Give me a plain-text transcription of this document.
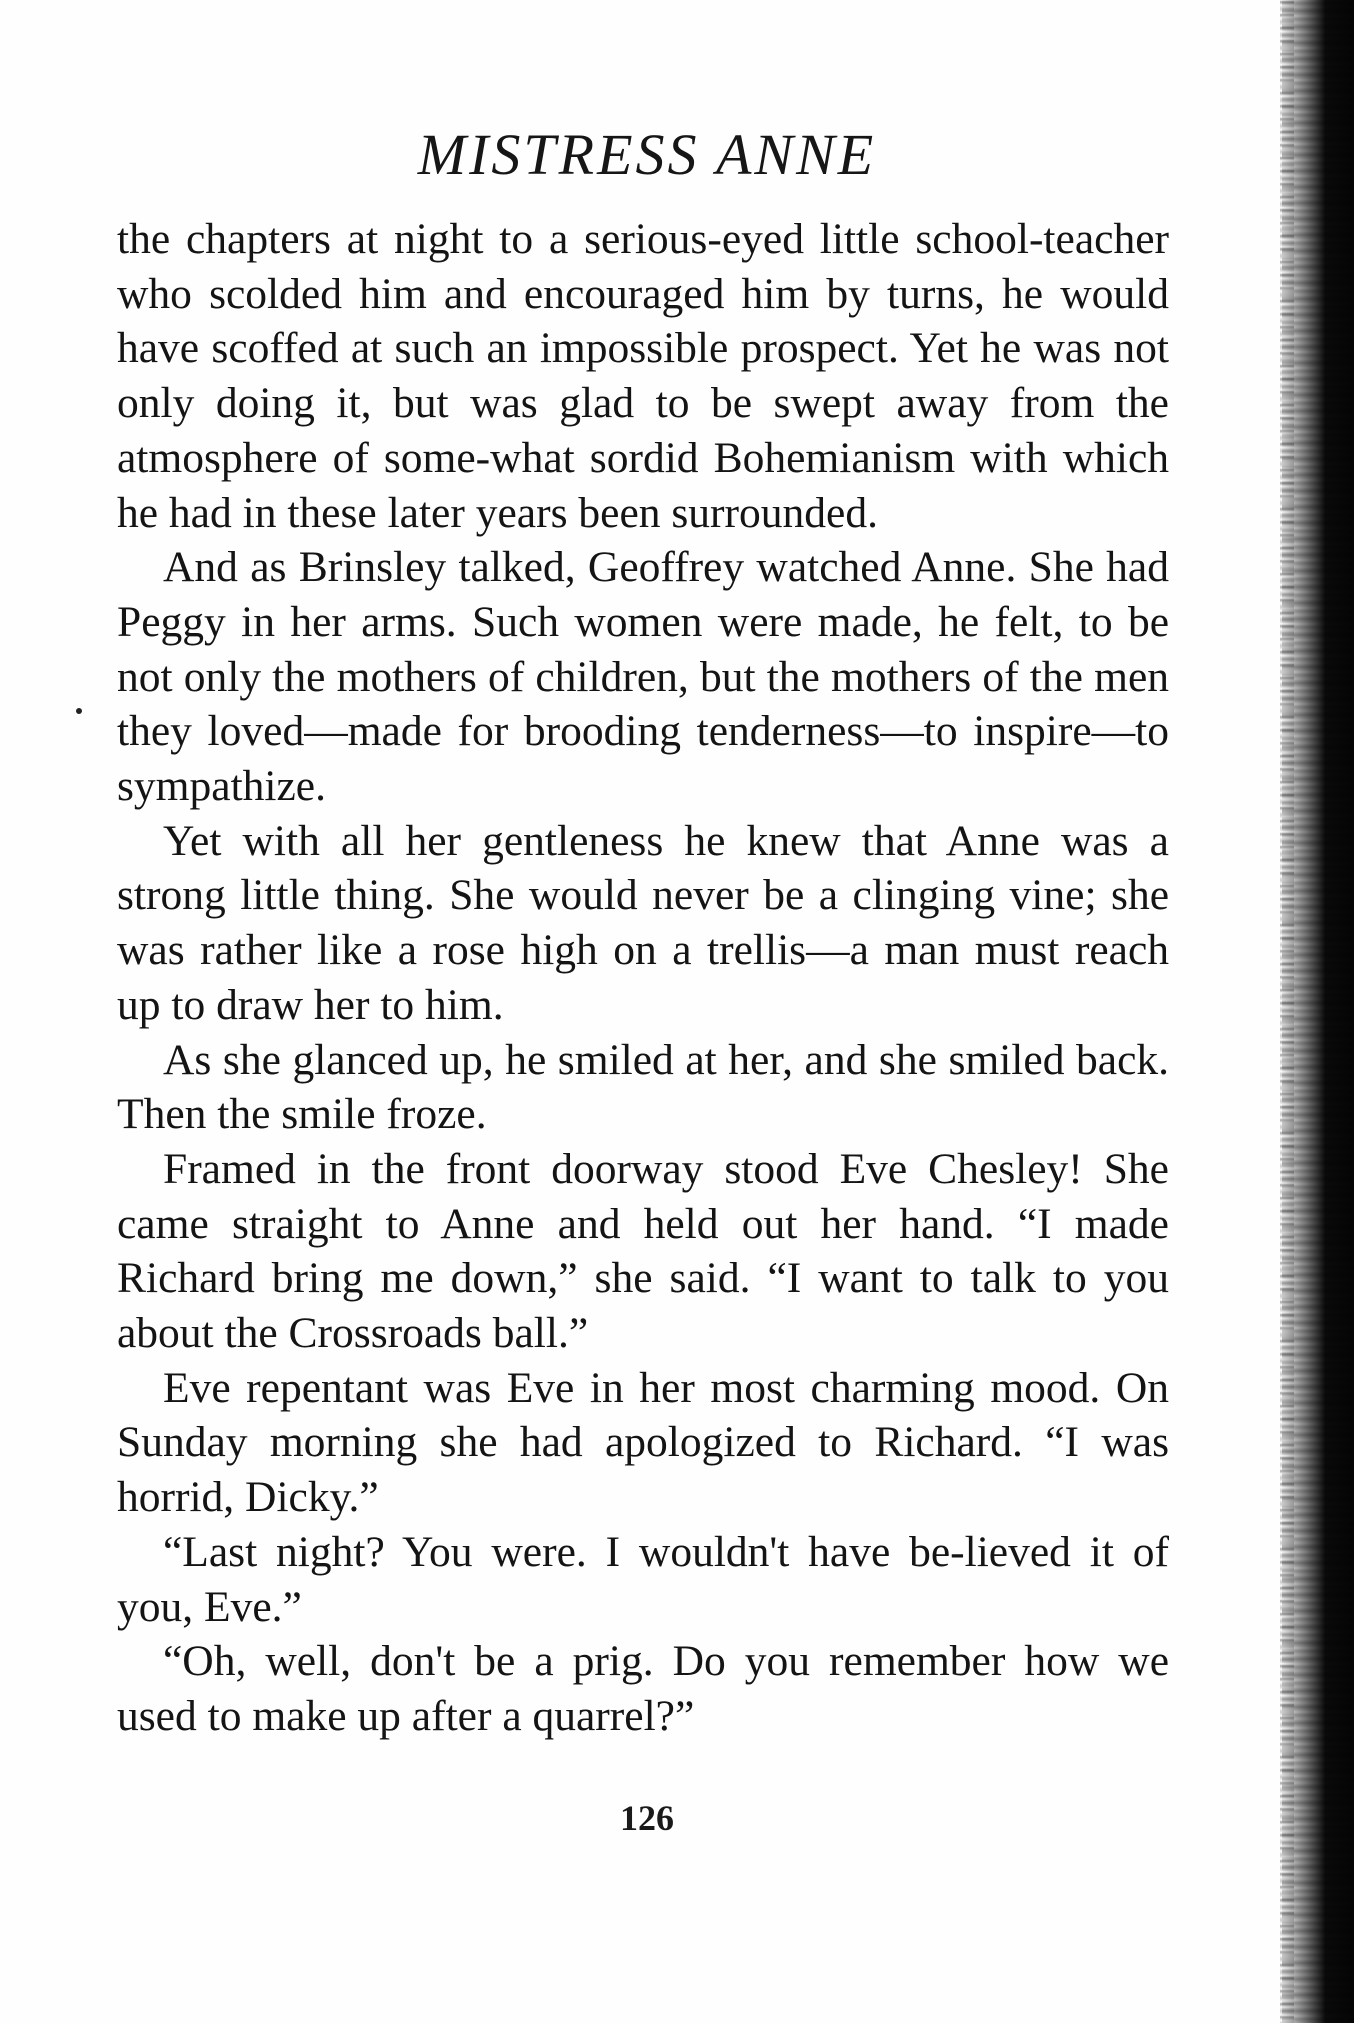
MISTRESS ANNE

the chapters at night to a serious-eyed little school-teacher who scolded him and encouraged him by turns, he would have scoffed at such an impossible prospect. Yet he was not only doing it, but was glad to be swept away from the atmosphere of some-what sordid Bohemianism with which he had in these later years been surrounded.

And as Brinsley talked, Geoffrey watched Anne. She had Peggy in her arms. Such women were made, he felt, to be not only the mothers of children, but the mothers of the men they loved—made for brooding tenderness—to inspire—to sympathize.

Yet with all her gentleness he knew that Anne was a strong little thing. She would never be a clinging vine; she was rather like a rose high on a trellis—a man must reach up to draw her to him.

As she glanced up, he smiled at her, and she smiled back. Then the smile froze.

Framed in the front doorway stood Eve Chesley! She came straight to Anne and held out her hand. “I made Richard bring me down,” she said. “I want to talk to you about the Crossroads ball.”

Eve repentant was Eve in her most charming mood. On Sunday morning she had apologized to Richard. “I was horrid, Dicky.”

“Last night? You were. I wouldn't have be-lieved it of you, Eve.”

“Oh, well, don't be a prig. Do you remember how we used to make up after a quarrel?”

126
